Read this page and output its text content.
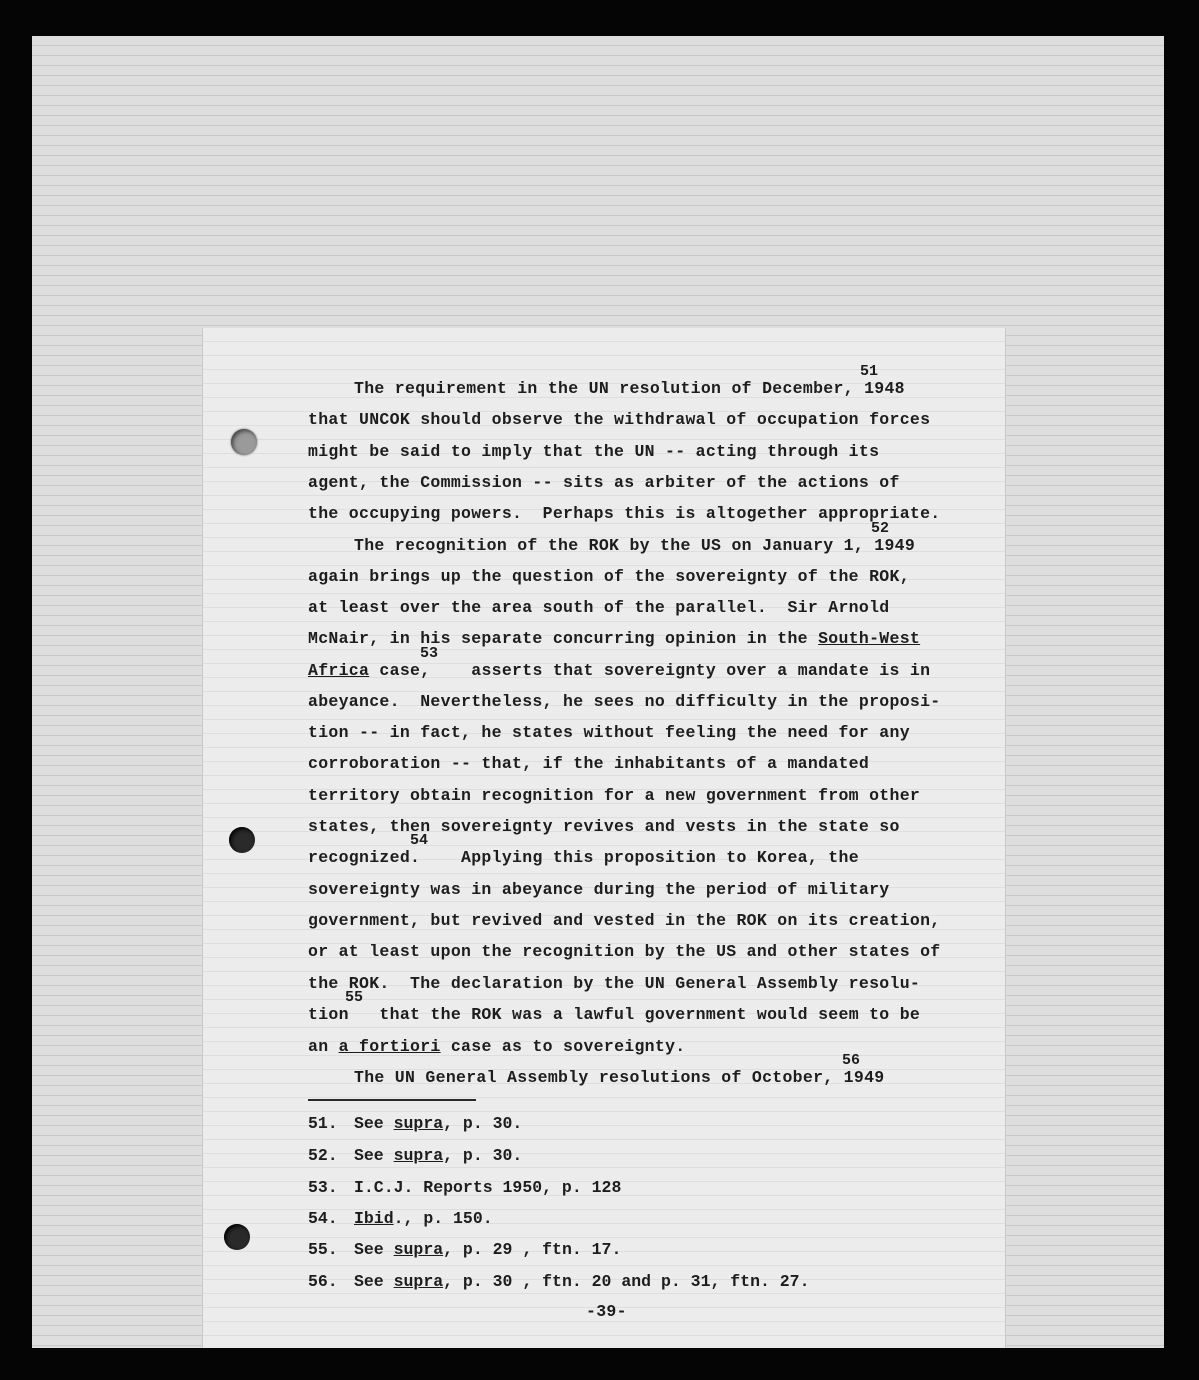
The requirement in the UN resolution of December, 1948
51
that UNCOK should observe the withdrawal of occupation forces
might be said to imply that the UN -- acting through its
agent, the Commission -- sits as arbiter of the actions of
the occupying powers.  Perhaps this is altogether appropriate.
The recognition of the ROK by the US on January 1, 1949
52
again brings up the question of the sovereignty of the ROK,
at least over the area south of the parallel.  Sir Arnold
McNair, in his separate concurring opinion in the South-West
Africa case,    asserts that sovereignty over a mandate is in
53
abeyance.  Nevertheless, he sees no difficulty in the proposi-
tion -- in fact, he states without feeling the need for any
corroboration -- that, if the inhabitants of a mandated
territory obtain recognition for a new government from other
states, then sovereignty revives and vests in the state so
recognized.    Applying this proposition to Korea, the
54
sovereignty was in abeyance during the period of military
government, but revived and vested in the ROK on its creation,
or at least upon the recognition by the US and other states of
the ROK.  The declaration by the UN General Assembly resolu-
tion   that the ROK was a lawful government would seem to be
55
an a fortiori case as to sovereignty.
The UN General Assembly resolutions of October, 1949
56
51. See supra, p. 30.
52. See supra, p. 30.
53. I.C.J. Reports 1950, p. 128
54. Ibid., p. 150.
55. See supra, p. 29 , ftn. 17.
56. See supra, p. 30 , ftn. 20 and p. 31, ftn. 27.
-39-
